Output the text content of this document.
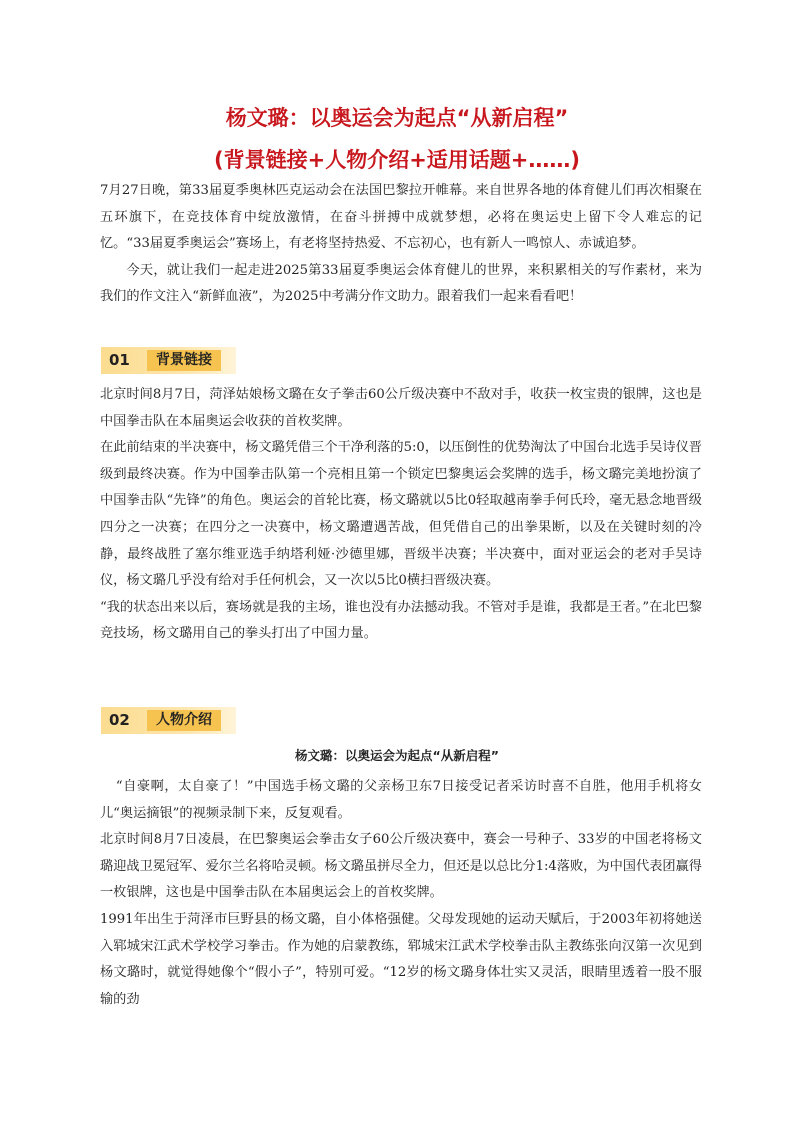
杨文璐：以奥运会为起点“从新启程”
(背景链接+人物介绍+适用话题+……)

7月27日晚，第33届夏季奥林匹克运动会在法国巴黎拉开帷幕。来自世界各地的体育健儿们再次相聚在五环旗下，在竞技体育中绽放激情，在奋斗拼搏中成就梦想，必将在奥运史上留下令人难忘的记忆。“33届夏季奥运会”赛场上，有老将坚持热爱、不忘初心，也有新人一鸣惊人、赤诚追梦。

今天，就让我们一起走进2025第33届夏季奥运会体育健儿的世界，来积累相关的写作素材，来为我们的作文注入“新鲜血液”，为2025中考满分作文助力。跟着我们一起来看看吧！

01	背景链接

北京时间8月7日，菏泽姑娘杨文璐在女子拳击60公斤级决赛中不敌对手，收获一枚宝贵的银牌，这也是中国拳击队在本届奥运会收获的首枚奖牌。

在此前结束的半决赛中，杨文璐凭借三个干净利落的5:0，以压倒性的优势淘汰了中国台北选手吴诗仪晋级到最终决赛。作为中国拳击队第一个亮相且第一个锁定巴黎奥运会奖牌的选手，杨文璐完美地扮演了中国拳击队“先锋”的角色。奥运会的首轮比赛，杨文璐就以5比0轻取越南拳手何氏玲，毫无悬念地晋级四分之一决赛；在四分之一决赛中，杨文璐遭遇苦战，但凭借自己的出拳果断，以及在关键时刻的冷静，最终战胜了塞尔维亚选手纳塔利娅·沙德里娜，晋级半决赛；半决赛中，面对亚运会的老对手吴诗仪，杨文璐几乎没有给对手任何机会，又一次以5比0横扫晋级决赛。

“我的状态出来以后，赛场就是我的主场，谁也没有办法撼动我。不管对手是谁，我都是王者。”在北巴黎竞技场，杨文璐用自己的拳头打出了中国力量。

02	人物介绍

杨文璐：以奥运会为起点“从新启程”

“自豪啊，太自豪了！”中国选手杨文璐的父亲杨卫东7日接受记者采访时喜不自胜，他用手机将女儿“奥运摘银”的视频录制下来，反复观看。

北京时间8月7日凌晨，在巴黎奥运会拳击女子60公斤级决赛中，赛会一号种子、33岁的中国老将杨文璐迎战卫冕冠军、爱尔兰名将哈灵顿。杨文璐虽拼尽全力，但还是以总比分1:4落败，为中国代表团赢得一枚银牌，这也是中国拳击队在本届奥运会上的首枚奖牌。

1991年出生于菏泽市巨野县的杨文璐，自小体格强健。父母发现她的运动天赋后，于2003年初将她送入郓城宋江武术学校学习拳击。作为她的启蒙教练，郓城宋江武术学校拳击队主教练张向汉第一次见到杨文璐时，就觉得她像个“假小子”，特别可爱。“12岁的杨文璐身体壮实又灵活，眼睛里透着一股不服输的劲
